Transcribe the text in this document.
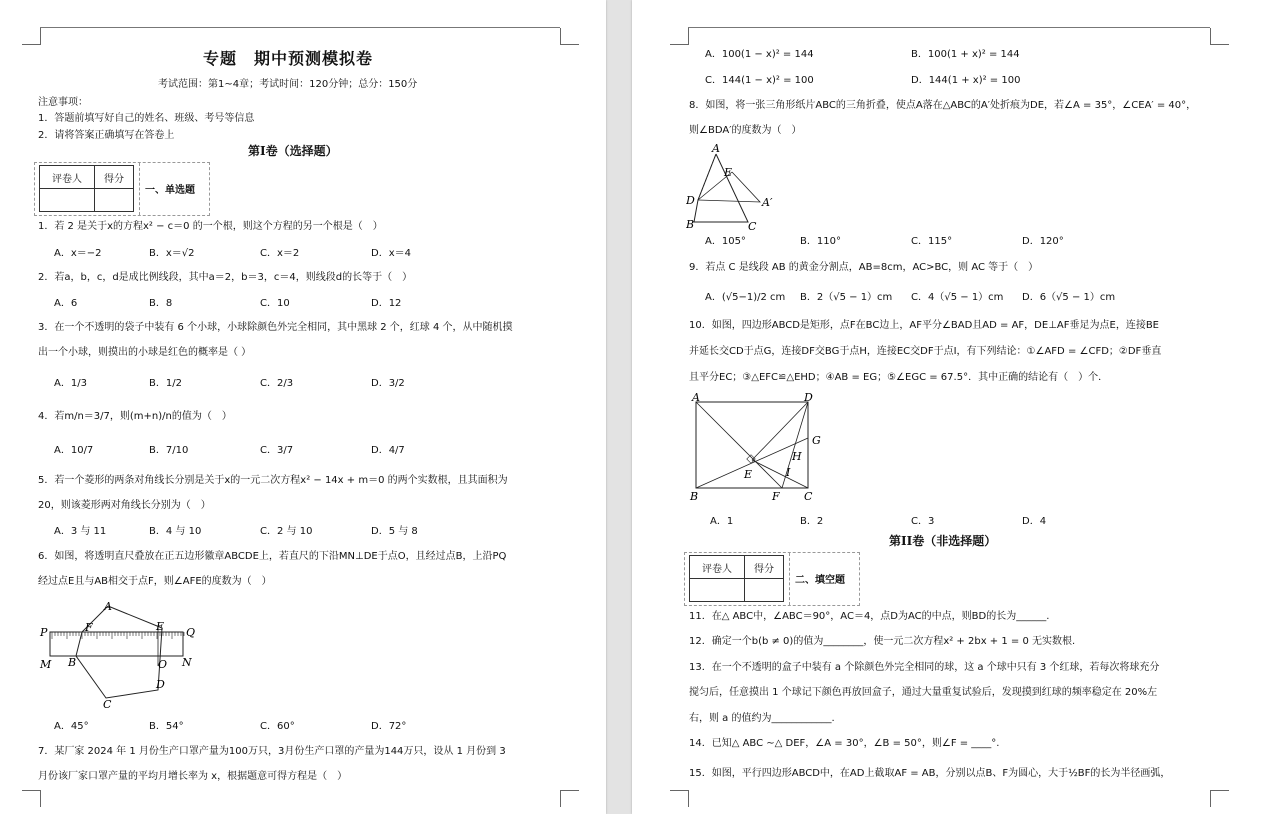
专题　期中预测模拟卷
考试范围：第1~4章；考试时间：120分钟；总分：150分
注意事项：
1．答题前填写好自己的姓名、班级、考号等信息
2．请将答案正确填写在答卷上
第I卷（选择题）
评卷人	得分

一、单选题
1．若 2 是关于x的方程x² − c＝0 的一个根，则这个方程的另一个根是（　）
A．x＝−2	B．x＝√2	C．x＝2	D．x＝4
2．若a，b，c，d是成比例线段，其中a＝2，b＝3，c＝4，则线段d的长等于（　）
A．6	B．8	C．10	D．12
3．在一个不透明的袋子中装有 6 个小球，小球除颜色外完全相同，其中黑球 2 个，红球 4 个，从中随机摸
出一个小球，则摸出的小球是红色的概率是（ ）
A．1/3	B．1/2	C．2/3	D．3/2
4．若m/n＝3/7，则(m+n)/n的值为（　）
A．10/7	B．7/10	C．3/7	D．4/7
5．若一个菱形的两条对角线长分别是关于x的一元二次方程x² − 14x + m＝0 的两个实数根，且其面积为
20，则该菱形两对角线长分别为（　）
A．3 与 11	B．4 与 10	C．2 与 10	D．5 与 8
6．如图，将透明直尺叠放在正五边形徽章ABCDE上，若直尺的下沿MN⊥DE于点O，且经过点B，上沿PQ
经过点E且与AB相交于点F，则∠AFE的度数为（　）
A
P	F	E Q
M B	O N
D
C
A．45°	B．54°	C．60°	D．72°
7．某厂家 2024 年 1 月份生产口罩产量为100万只，3月份生产口罩的产量为144万只，设从 1 月份到 3
月份该厂家口罩产量的平均月增长率为 x，根据题意可得方程是（　）
A．100(1 − x)² = 144	B．100(1 + x)² = 144
C．144(1 − x)² = 100	D．144(1 + x)² = 100
8．如图，将一张三角形纸片ABC的三角折叠，使点A落在△ABC的A′处折痕为DE，若∠A = 35°，∠CEA′ = 40°，
则∠BDA′的度数为（　）
A
E
D	A′
B	C
A．105°	B．110°	C．115°	D．120°
9．若点 C 是线段 AB 的黄金分割点，AB=8cm，AC>BC，则 AC 等于（　）
A．(√5−1)/2 cm B．2（√5 − 1）cm C．4（√5 − 1）cm D．6（√5 − 1）cm
10．如图，四边形ABCD是矩形，点F在BC边上，AF平分∠BAD且AD = AF，DE⊥AF垂足为点E，连接BE
并延长交CD于点G，连接DF交BG于点H，连接EC交DF于点I，有下列结论：①∠AFD = ∠CFD；②DF垂直
且平分EC；③△EFC≌△EHD；④AB = EG；⑤∠EGC = 67.5°．其中正确的结论有（　）个．
A	D
G
H
I
E
B	F C
A．1	B．2	C．3	D．4
第II卷（非选择题）
评卷人	得分

二、填空题
11．在△ ABC中，∠ABC＝90°，AC＝4，点D为AC的中点，则BD的长为______.
12．确定一个b(b ≠ 0)的值为________，使一元二次方程x² + 2bx + 1 = 0 无实数根.
13．在一个不透明的盒子中装有 a 个除颜色外完全相同的球，这 a 个球中只有 3 个红球，若每次将球充分
搅匀后，任意摸出 1 个球记下颜色再放回盒子，通过大量重复试验后，发现摸到红球的频率稳定在 20%左
右，则 a 的值约为____________.
14．已知△ ABC ∼△ DEF，∠A = 30°，∠B = 50°，则∠F = ____°.
15．如图，平行四边形ABCD中，在AD上截取AF = AB，分别以点B、F为圆心，大于½BF的长为半径画弧，
